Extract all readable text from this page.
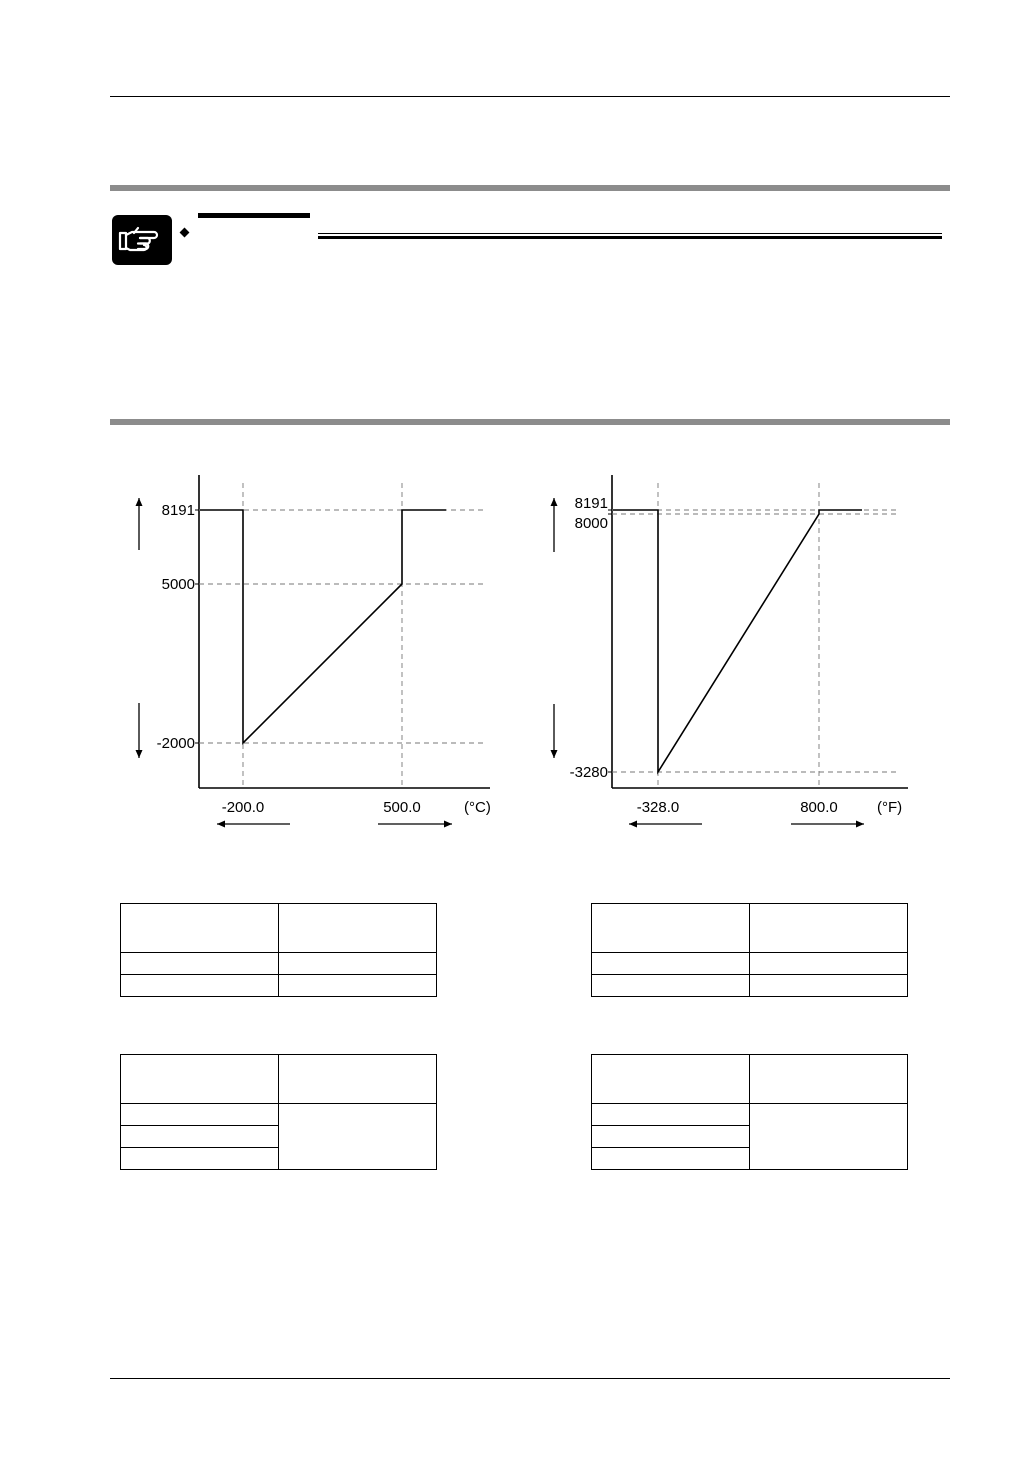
8191
5000
-2000
-200.0	500.0	(°C)
8191
8000
-3280
-328.0	800.0	(°F)
